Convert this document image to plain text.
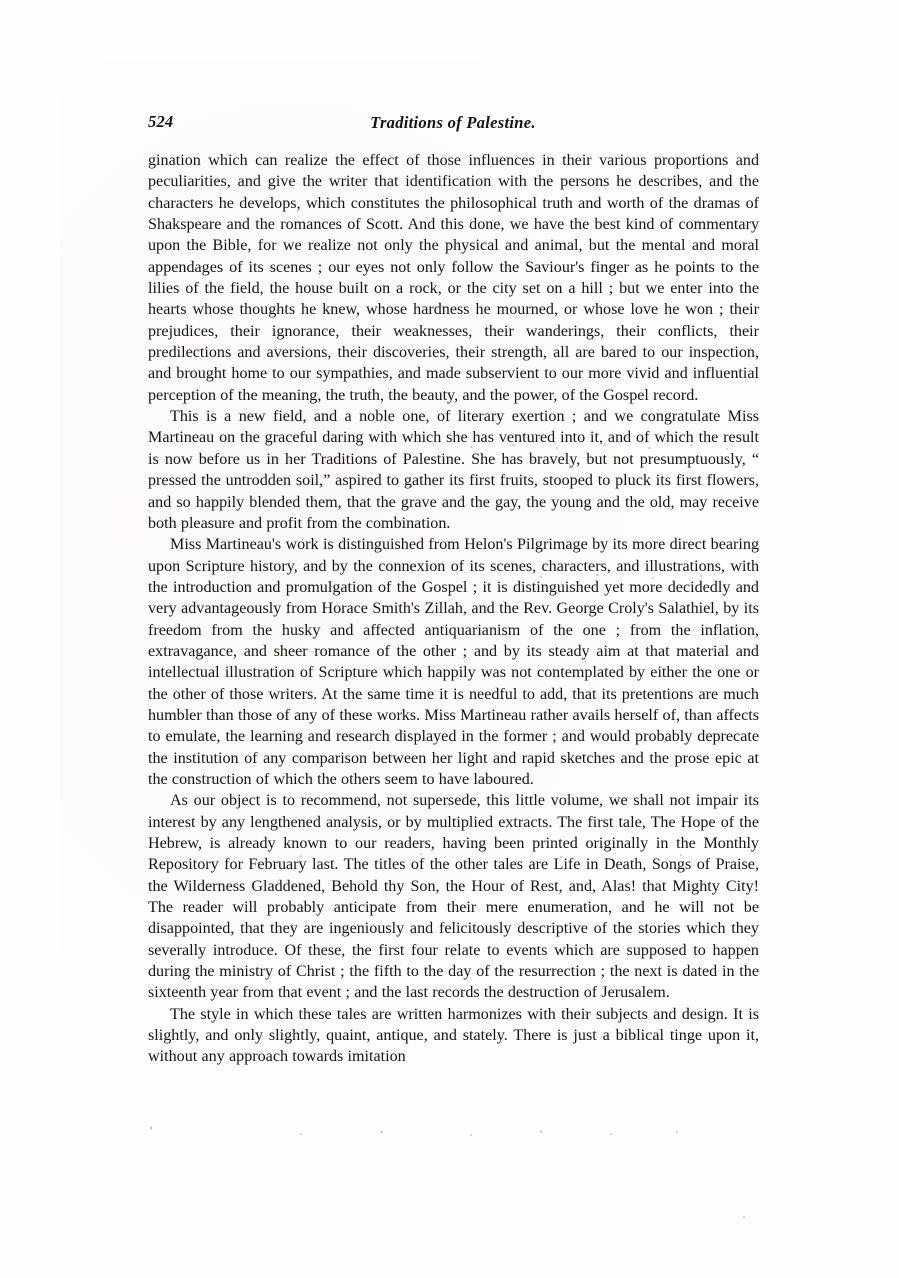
524	Traditions of Palestine.

gination which can realize the effect of those influences in their various proportions and peculiarities, and give the writer that identification with the persons he describes, and the characters he develops, which constitutes the philosophical truth and worth of the dramas of Shakspeare and the romances of Scott. And this done, we have the best kind of commentary upon the Bible, for we realize not only the physical and animal, but the mental and moral appendages of its scenes ; our eyes not only follow the Saviour's finger as he points to the lilies of the field, the house built on a rock, or the city set on a hill ; but we enter into the hearts whose thoughts he knew, whose hardness he mourned, or whose love he won ; their prejudices, their ignorance, their weaknesses, their wanderings, their conflicts, their predilections and aversions, their discoveries, their strength, all are bared to our inspection, and brought home to our sympathies, and made subservient to our more vivid and influential perception of the meaning, the truth, the beauty, and the power, of the Gospel record.

This is a new field, and a noble one, of literary exertion ; and we congratulate Miss Martineau on the graceful daring with which she has ventured into it, and of which the result is now before us in her Traditions of Palestine. She has bravely, but not presumptuously, “ pressed the untrodden soil,” aspired to gather its first fruits, stooped to pluck its first flowers, and so happily blended them, that the grave and the gay, the young and the old, may receive both pleasure and profit from the combination.

Miss Martineau's work is distinguished from Helon's Pilgrimage by its more direct bearing upon Scripture history, and by the connexion of its scenes, characters, and illustrations, with the introduction and promulgation of the Gospel ; it is distinguished yet more decidedly and very advantageously from Horace Smith's Zillah, and the Rev. George Croly's Salathiel, by its freedom from the husky and affected antiquarianism of the one ; from the inflation, extravagance, and sheer romance of the other ; and by its steady aim at that material and intellectual illustration of Scripture which happily was not contemplated by either the one or the other of those writers. At the same time it is needful to add, that its pretentions are much humbler than those of any of these works. Miss Martineau rather avails herself of, than affects to emulate, the learning and research displayed in the former ; and would probably deprecate the institution of any comparison between her light and rapid sketches and the prose epic at the construction of which the others seem to have laboured.

As our object is to recommend, not supersede, this little volume, we shall not impair its interest by any lengthened analysis, or by multiplied extracts. The first tale, The Hope of the Hebrew, is already known to our readers, having been printed originally in the Monthly Repository for February last. The titles of the other tales are Life in Death, Songs of Praise, the Wilderness Gladdened, Behold thy Son, the Hour of Rest, and, Alas! that Mighty City! The reader will probably anticipate from their mere enumeration, and he will not be disappointed, that they are ingeniously and felicitously descriptive of the stories which they severally introduce. Of these, the first four relate to events which are supposed to happen during the ministry of Christ ; the fifth to the day of the resurrection ; the next is dated in the sixteenth year from that event ; and the last records the destruction of Jerusalem.

The style in which these tales are written harmonizes with their subjects and design. It is slightly, and only slightly, quaint, antique, and stately. There is just a biblical tinge upon it, without any approach towards imitation
